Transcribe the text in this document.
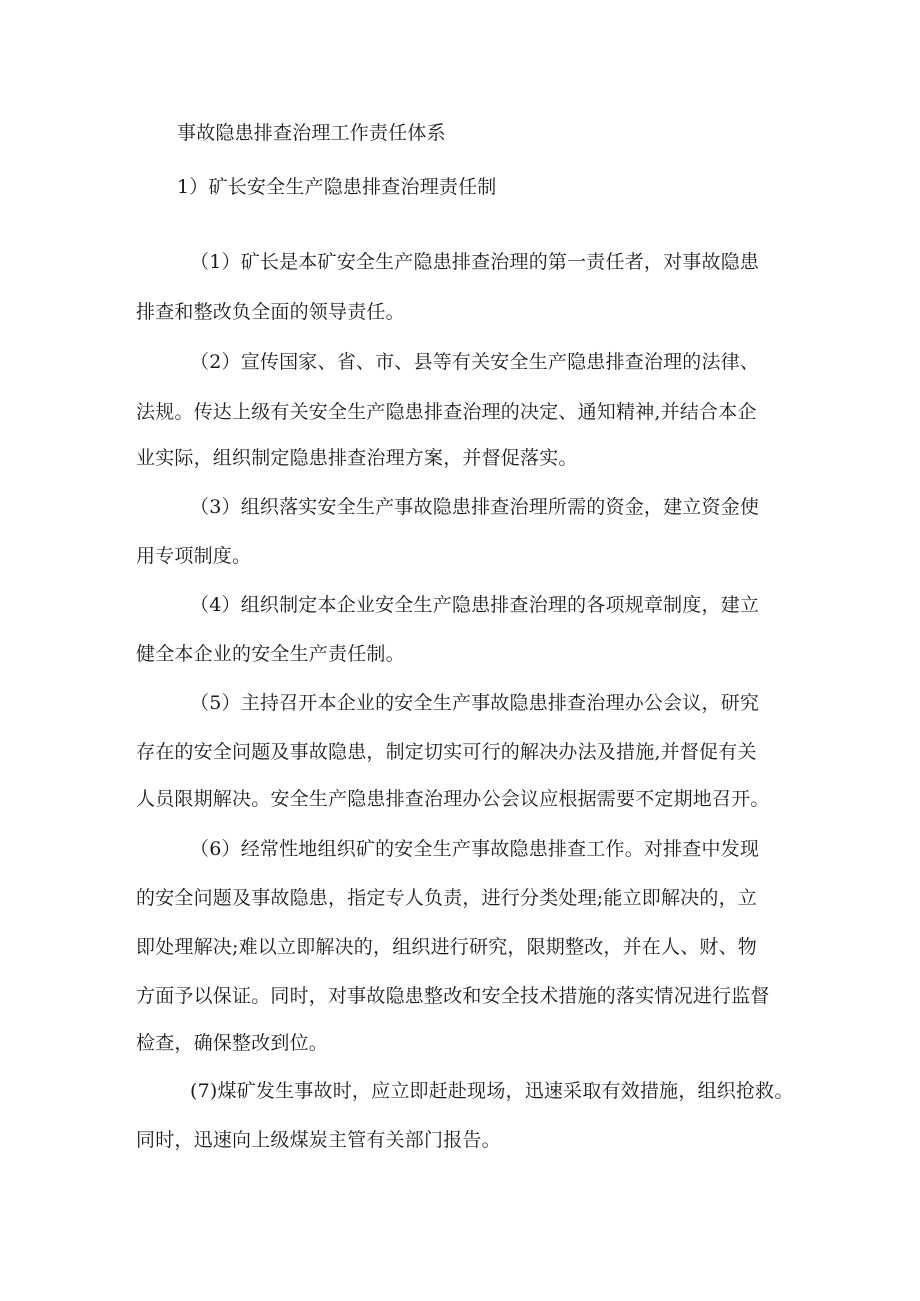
事故隐患排查治理工作责任体系
1）矿长安全生产隐患排查治理责任制
（1）矿长是本矿安全生产隐患排查治理的第一责任者，对事故隐患
排查和整改负全面的领导责任。
（2）宣传国家、省、市、县等有关安全生产隐患排查治理的法律、
法规。传达上级有关安全生产隐患排查治理的决定、通知精神,并结合本企
业实际，组织制定隐患排查治理方案，并督促落实。
（3）组织落实安全生产事故隐患排查治理所需的资金，建立资金使
用专项制度。
（4）组织制定本企业安全生产隐患排查治理的各项规章制度，建立
健全本企业的安全生产责任制。
（5）主持召开本企业的安全生产事故隐患排查治理办公会议，研究
存在的安全问题及事故隐患，制定切实可行的解决办法及措施,并督促有关
人员限期解决。安全生产隐患排查治理办公会议应根据需要不定期地召开。
（6）经常性地组织矿的安全生产事故隐患排查工作。对排查中发现
的安全问题及事故隐患，指定专人负责，进行分类处理;能立即解决的，立
即处理解决;难以立即解决的，组织进行研究，限期整改，并在人、财、物
方面予以保证。同时，对事故隐患整改和安全技术措施的落实情况进行监督
检查，确保整改到位。
(7)煤矿发生事故时，应立即赶赴现场，迅速采取有效措施，组织抢救。
同时，迅速向上级煤炭主管有关部门报告。
